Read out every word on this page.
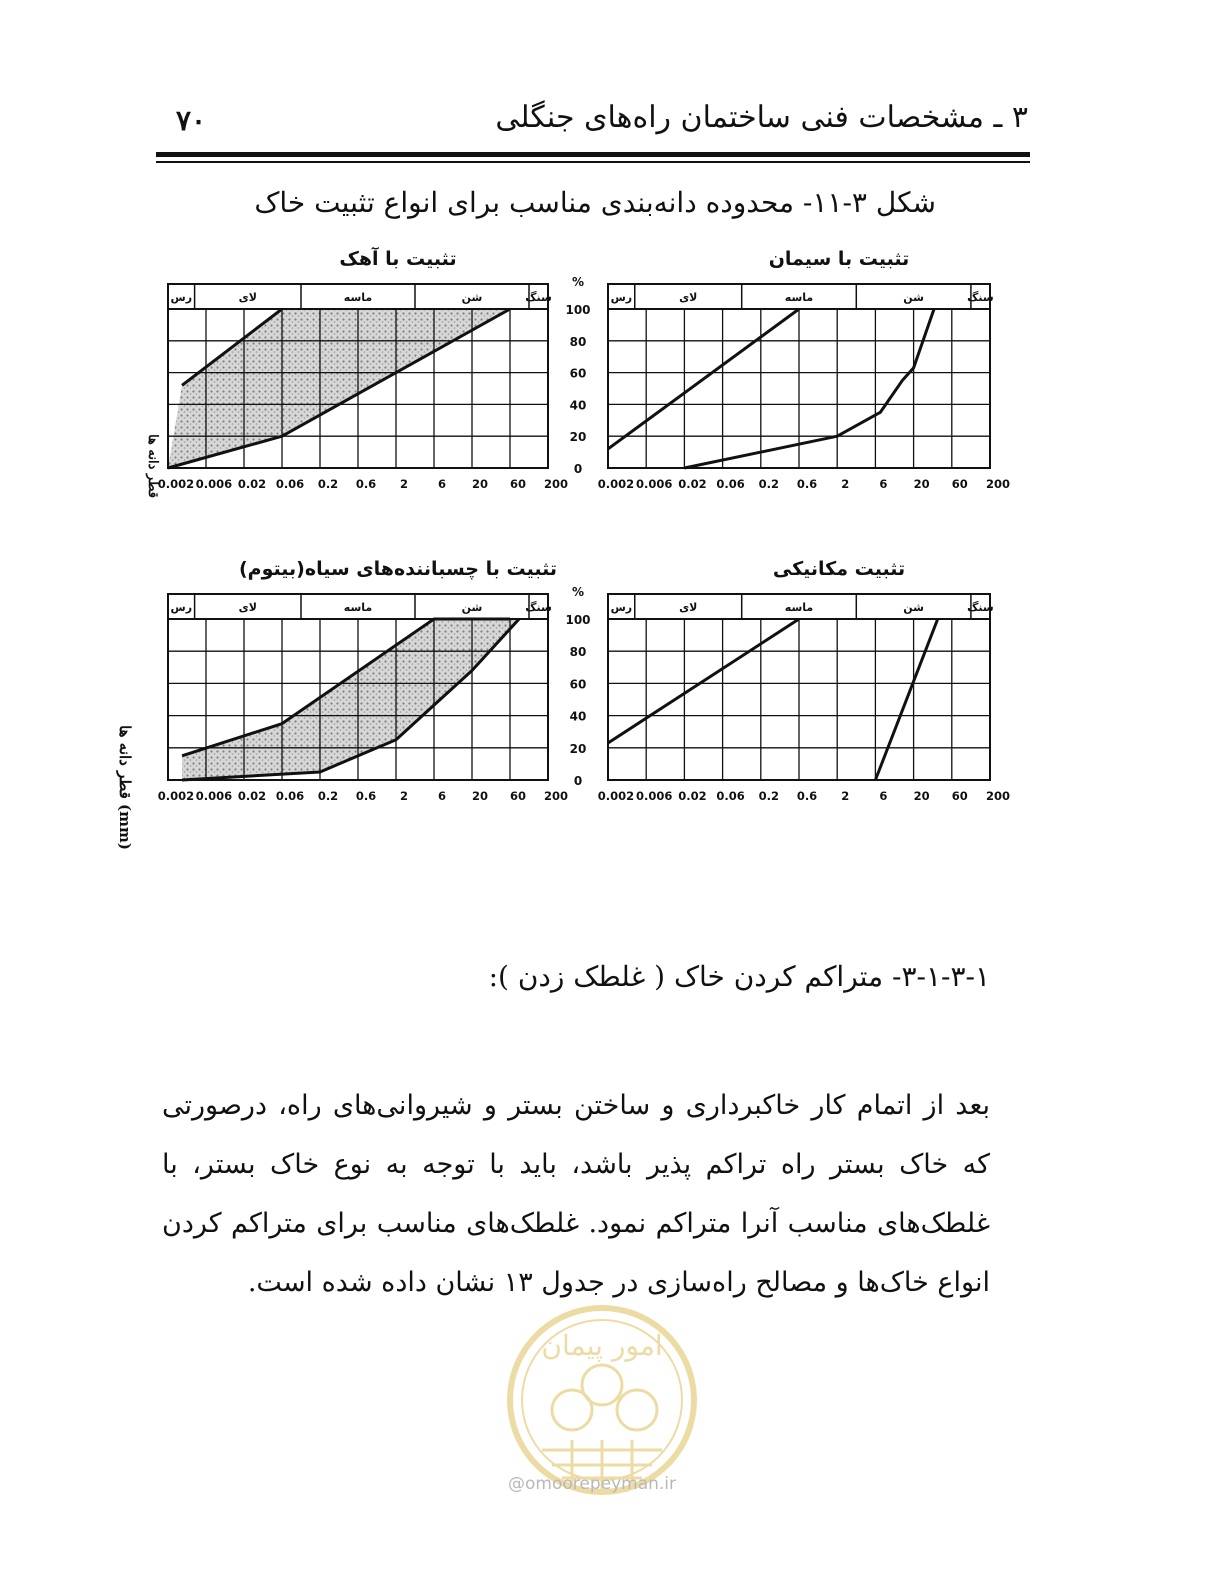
۳ ـ مشخصات فنی ساختمان راه‌های جنگلی
۷۰
شکل ۳-۱۱- محدوده دانه‌بندی مناسب برای انواع تثبیت خاک
تثبیت با آهک
رس	لای	ماسه	شن	سنگ
0.002 0.006 0.02 0.06 0.2 0.6 2	6 20 60 200
تثبیت با سیمان
رس	لای	ماسه	شن	سنگ
0.002 0.006 0.02 0.06 0.2 0.6 2	6 20 60 200
%
100
80
60
40
20
0
تثبیت با چسباننده‌های سیاه(بیتوم)
رس	لای	ماسه	شن	سنگ
0.002 0.006 0.02 0.06 0.2 0.6 2	6 20 60 200
تثبیت مکانیکی
رس	لای	ماسه	شن	سنگ
0.002 0.006 0.02 0.06 0.2 0.6 2	6 20 60 200
%
100
80
60
40
20
0
قطر دانه ها
(mm) قطر دانه ها
۳-۱-۳-۱- متراکم کردن خاک ( غلطک زدن ):
بعد از اتمام کار خاکبرداری و ساختن بستر و شیروانی‌های راه، درصورتی که خاک بستر راه تراکم پذیر باشد، باید با توجه به نوع خاک بستر، با غلطک‌های مناسب آنرا متراکم نمود. غلطک‌های مناسب برای متراکم کردن انواع خاک‌ها و مصالح راه‌سازی در جدول ۱۳ نشان داده شده است.
امور پیمان
@omoorepeyman.ir
